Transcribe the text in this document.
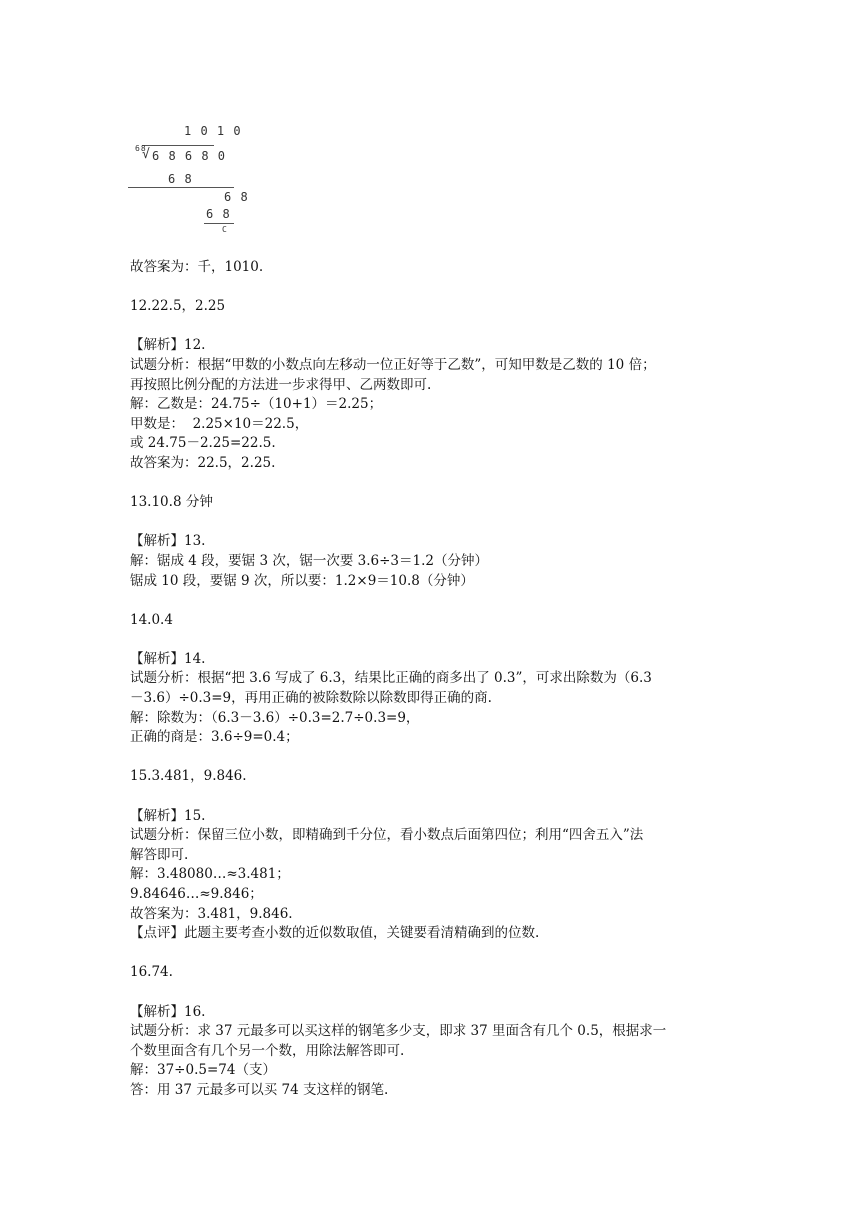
1 0 1 0
68
√ 6 8 6 8 0
6 8
6 8
6 8
C

故答案为：千，1010.

12.22.5，2.25

【解析】12.

试题分析：根据“甲数的小数点向左移动一位正好等于乙数”，可知甲数是乙数的 10 倍；

再按照比例分配的方法进一步求得甲、乙两数即可.

解：乙数是：24.75÷（10+1）＝2.25；

甲数是：  2.25×10＝22.5，

或 24.75－2.25=22.5.

故答案为：22.5，2.25.

13.10.8 分钟

【解析】13.

解：锯成 4 段，要锯 3 次，锯一次要 3.6÷3＝1.2（分钟）

锯成 10 段，要锯 9 次，所以要：1.2×9＝10.8（分钟）

14.0.4

【解析】14.

试题分析：根据“把 3.6 写成了 6.3，结果比正确的商多出了 0.3”，可求出除数为（6.3

－3.6）÷0.3=9，再用正确的被除数除以除数即得正确的商.

解：除数为：（6.3－3.6）÷0.3=2.7÷0.3=9，

正确的商是：3.6÷9=0.4；

15.3.481，9.846.

【解析】15.

试题分析：保留三位小数，即精确到千分位，看小数点后面第四位；利用“四舍五入”法

解答即可.

解：3.48080…≈3.481；

9.84646…≈9.846；

故答案为：3.481，9.846.

【点评】此题主要考查小数的近似数取值，关键要看清精确到的位数.

16.74.

【解析】16.

试题分析：求 37 元最多可以买这样的钢笔多少支，即求 37 里面含有几个 0.5，根据求一

个数里面含有几个另一个数，用除法解答即可.

解：37÷0.5=74（支）

答：用 37 元最多可以买 74 支这样的钢笔.
